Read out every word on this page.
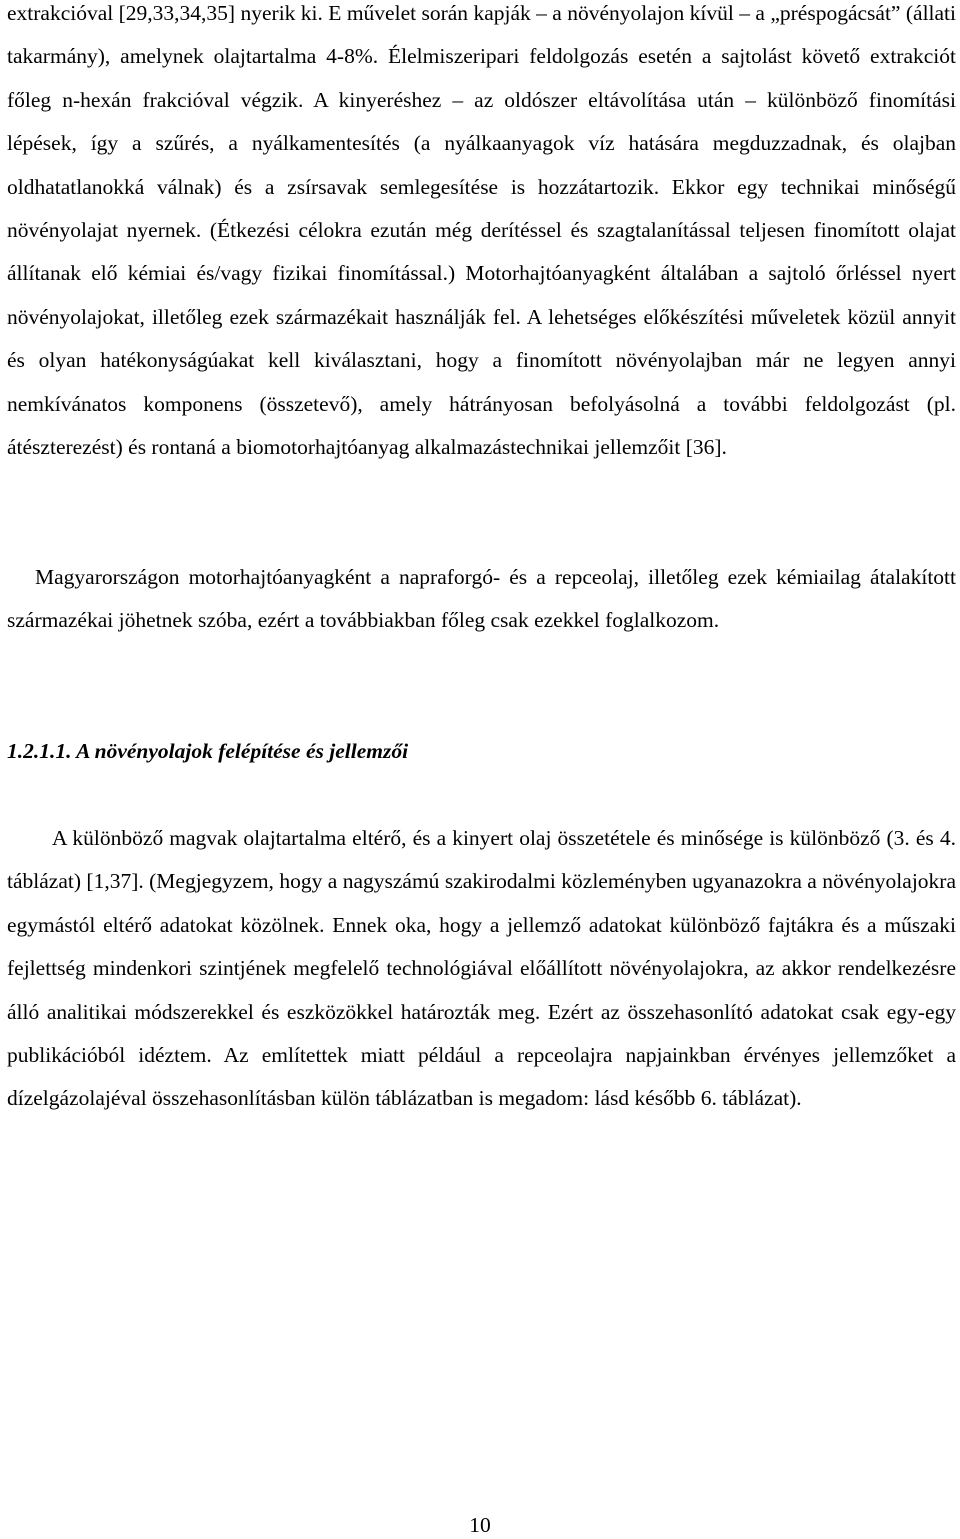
extrakcióval [29,33,34,35] nyerik ki. E művelet során kapják – a növényolajon kívül – a „préspogácsát” (állati takarmány), amelynek olajtartalma 4-8%. Élelmiszeripari feldolgozás esetén a sajtolást követő extrakciót főleg n-hexán frakcióval végzik. A kinyeréshez – az oldószer eltávolítása után – különböző finomítási lépések, így a szűrés, a nyálkamentesítés (a nyálkaanyagok víz hatására megduzzadnak, és olajban oldhatatlanokká válnak) és a zsírsavak semlegesítése is hozzátartozik. Ekkor egy technikai minőségű növényolajat nyernek. (Étkezési célokra ezután még derítéssel és szagtalanítással teljesen finomított olajat állítanak elő kémiai és/vagy fizikai finomítással.) Motorhajtóanyagként általában a sajtoló őrléssel nyert növényolajokat, illetőleg ezek származékait használják fel. A lehetséges előkészítési műveletek közül annyit és olyan hatékonyságúakat kell kiválasztani, hogy a finomított növényolajban már ne legyen annyi nemkívánatos komponens (összetevő), amely hátrányosan befolyásolná a további feldolgozást (pl. átészterezést) és rontaná a biomotorhajtóanyag alkalmazástechnikai jellemzőit [36].

Magyarországon motorhajtóanyagként a napraforgó- és a repceolaj, illetőleg ezek kémiailag átalakított származékai jöhetnek szóba, ezért a továbbiakban főleg csak ezekkel foglalkozom.

1.2.1.1. A növényolajok felépítése és jellemzői

A különböző magvak olajtartalma eltérő, és a kinyert olaj összetétele és minősége is különböző (3. és 4. táblázat) [1,37]. (Megjegyzem, hogy a nagyszámú szakirodalmi közleményben ugyanazokra a növényolajokra egymástól eltérő adatokat közölnek. Ennek oka, hogy a jellemző adatokat különböző fajtákra és a műszaki fejlettség mindenkori szintjének megfelelő technológiával előállított növényolajokra, az akkor rendelkezésre álló analitikai módszerekkel és eszközökkel határozták meg. Ezért az összehasonlító adatokat csak egy-egy publikációból idéztem. Az említettek miatt például a repceolajra napjainkban érvényes jellemzőket a dízelgázolajéval összehasonlításban külön táblázatban is megadom: lásd később 6. táblázat).

10
